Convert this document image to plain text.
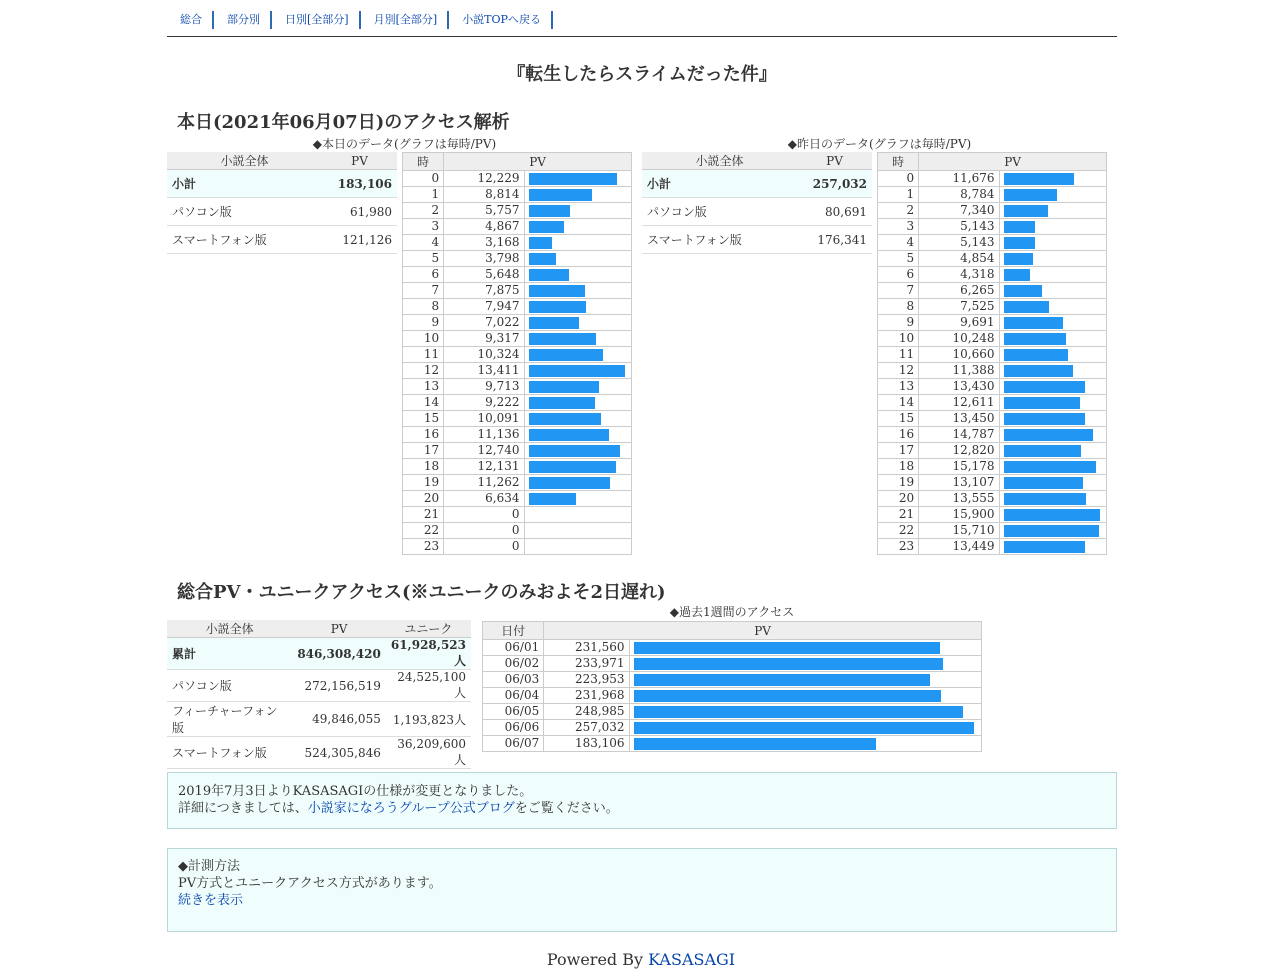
総合	部分別	日別[全部分]	月別[全部分]	小説TOPへ戻る
『転生したらスライムだった件』
本日(2021年06月07日)のアクセス解析
◆本日のデータ(グラフは毎時/PV)	◆昨日のデータ(グラフは毎時/PV)
小説全体	PV
小計	183,106
パソコン版	61,980
スマートフォン版	121,126
時	PV	
0	12,229	

1	8,814	

2	5,757	

3	4,867	

4	3,168	

5	3,798	

6	5,648	

7	7,875	

8	7,947	

9	7,022	

10	9,317	

11	10,324	

12	13,411	

13	9,713	

14	9,222	

15	10,091	

16	11,136	

17	12,740	

18	12,131	

19	11,262	

20	6,634	

21	0	
22	0	
23	0	
小説全体	PV
小計	257,032
パソコン版	80,691
スマートフォン版	176,341
時	PV	
0	11,676	

1	8,784	

2	7,340	

3	5,143	

4	5,143	

5	4,854	

6	4,318	

7	6,265	

8	7,525	

9	9,691	

10	10,248	

11	10,660	

12	11,388	

13	13,430	

14	12,611	

15	13,450	

16	14,787	

17	12,820	

18	15,178	

19	13,107	

20	13,555	

21	15,900	

22	15,710	

23	13,449	
総合PV・ユニークアクセス(※ユニークのみおよそ2日遅れ)
小説全体	PV	ユニーク
累計	846,308,420	61,928,523人
パソコン版	272,156,519	24,525,100人
フィーチャーフォン版	49,846,055	1,193,823人
スマートフォン版	524,305,846	36,209,600人
◆過去1週間のアクセス
日付	PV	
06/01	231,560	

06/02	233,971	

06/03	223,953	

06/04	231,968	

06/05	248,985	

06/06	257,032	

06/07	183,106	
2019年7月3日よりKASASAGIの仕様が変更となりました。
詳細につきましては、小説家になろうグループ公式ブログをご覧ください。
◆計測方法
PV方式とユニークアクセス方式があります。
続きを表示
Powered By KASASAGI
